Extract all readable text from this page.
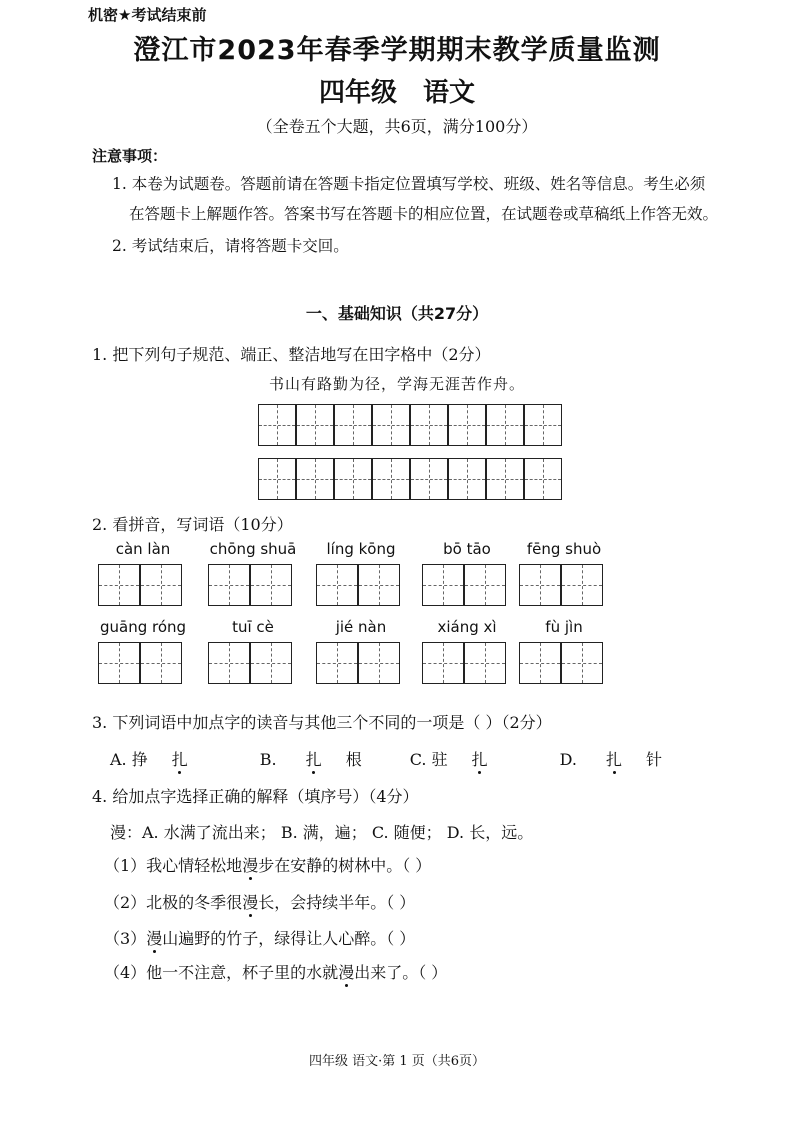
机密★考试结束前
澄江市2023年春季学期期末教学质量监测
四年级 语文
（全卷五个大题，共6页，满分100分）
注意事项：
1. 本卷为试题卷。答题前请在答题卡指定位置填写学校、班级、姓名等信息。考生必须
在答题卡上解题作答。答案书写在答题卡的相应位置，在试题卷或草稿纸上作答无效。
2. 考试结束后，请将答题卡交回。
一、基础知识（共27分）
1. 把下列句子规范、端正、整洁地写在田字格中（2分）
书山有路勤为径，学海无涯苦作舟。
2. 看拼音，写词语（10分）
càn làn	chōng shuā	líng kōng	bō tāo	fēng shuò
guāng róng	tuī cè	jié nàn	xiáng xì	fù jìn
3. 下列词语中加点字的读音与其他三个不同的一项是（ ）（2分）
A. 挣 扎	B. 扎 根	C. 驻 扎	D. 扎 针
4. 给加点字选择正确的解释（填序号）（4分）
漫：A. 水满了流出来； B. 满，遍； C. 随便； D. 长，远。
（1）我心情轻松地漫步在安静的树林中。（ ）
（2）北极的冬季很漫长，会持续半年。（ ）
（3）漫山遍野的竹子，绿得让人心醉。（ ）
（4）他一不注意，杯子里的水就漫出来了。（ ）
四年级 语文·第 1 页（共6页）
